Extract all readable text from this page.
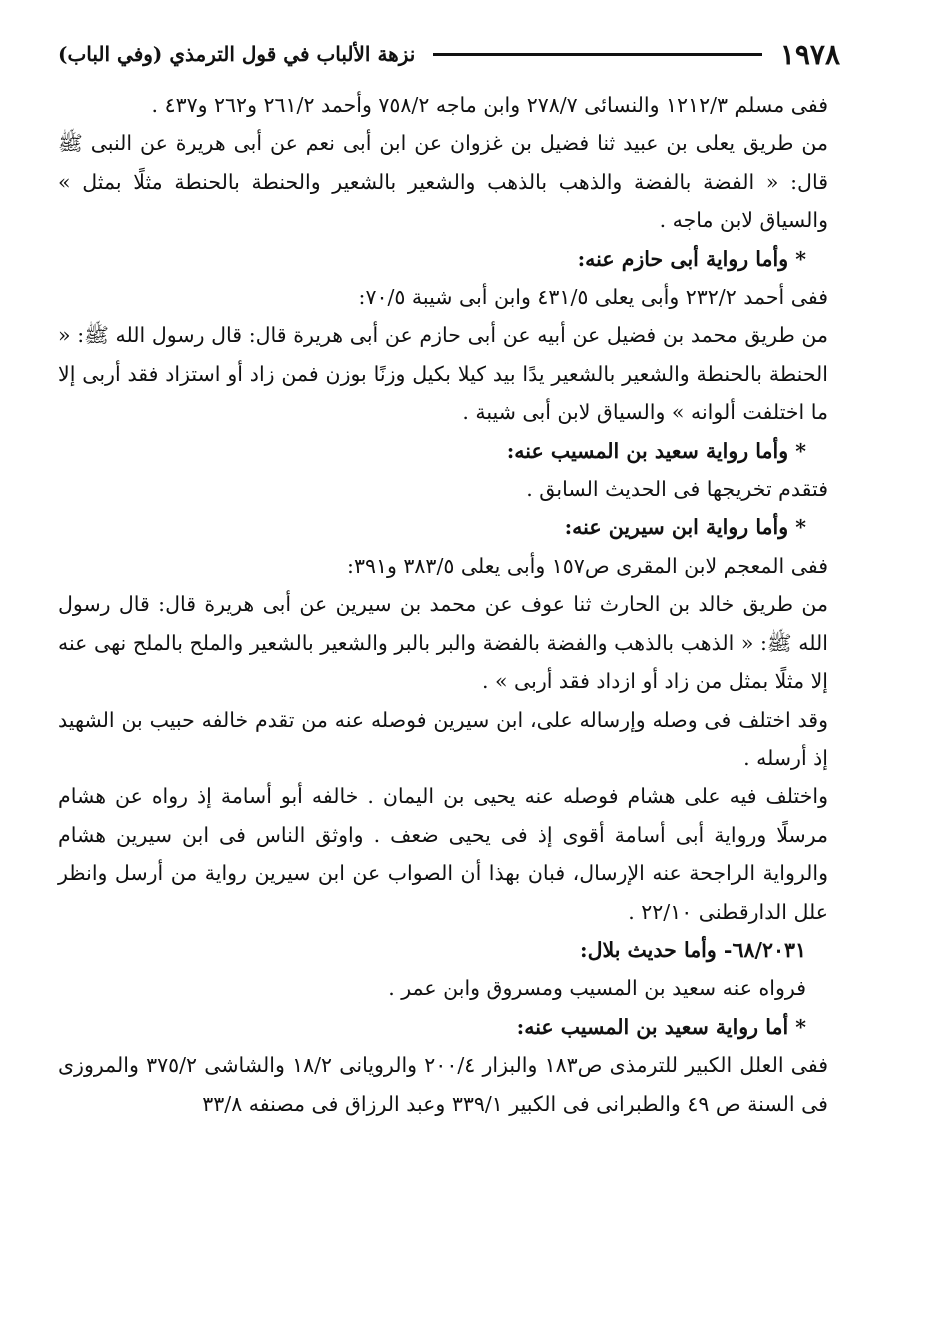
١٩٧٨
نزهة الألباب في قول الترمذي (وفي الباب)

ففى مسلم ١٢١٢/٣ والنسائى ٢٧٨/٧ وابن ماجه ٧٥٨/٢ وأحمد ٢٦١/٢ و٢٦٢ و٤٣٧ .

من طريق يعلى بن عبيد ثنا فضيل بن غزوان عن ابن أبى نعم عن أبى هريرة عن النبى ﷺ قال: « الفضة بالفضة والذهب بالذهب والشعير بالشعير والحنطة بالحنطة مثلًا بمثل » والسياق لابن ماجه .

* وأما رواية أبى حازم عنه:

ففى أحمد ٢٣٢/٢ وأبى يعلى ٤٣١/٥ وابن أبى شيبة ٧٠/٥:

من طريق محمد بن فضيل عن أبيه عن أبى حازم عن أبى هريرة قال: قال رسول الله ﷺ: « الحنطة بالحنطة والشعير بالشعير يدًا بيد كيلا بكيل وزنًا بوزن فمن زاد أو استزاد فقد أربى إلا ما اختلفت ألوانه » والسياق لابن أبى شيبة .

* وأما رواية سعيد بن المسيب عنه:

فتقدم تخريجها فى الحديث السابق .

* وأما رواية ابن سيرين عنه:

ففى المعجم لابن المقرى ص١٥٧ وأبى يعلى ٣٨٣/٥ و٣٩١:

من طريق خالد بن الحارث ثنا عوف عن محمد بن سيرين عن أبى هريرة قال: قال رسول الله ﷺ: « الذهب بالذهب والفضة بالفضة والبر بالبر والشعير بالشعير والملح بالملح نهى عنه إلا مثلًا بمثل من زاد أو ازداد فقد أربى » .

وقد اختلف فى وصله وإرساله على، ابن سيرين فوصله عنه من تقدم خالفه حبيب بن الشهيد إذ أرسله .

واختلف فيه على هشام فوصله عنه يحيى بن اليمان . خالفه أبو أسامة إذ رواه عن هشام مرسلًا ورواية أبى أسامة أقوى إذ فى يحيى ضعف . واوثق الناس فى ابن سيرين هشام والرواية الراجحة عنه الإرسال، فبان بهذا أن الصواب عن ابن سيرين رواية من أرسل وانظر علل الدارقطنى ٢٢/١٠ .

٦٨/٢٠٣١- وأما حديث بلال:

فرواه عنه سعيد بن المسيب ومسروق وابن عمر .

* أما رواية سعيد بن المسيب عنه:

ففى العلل الكبير للترمذى ص١٨٣ والبزار ٢٠٠/٤ والرويانى ١٨/٢ والشاشى ٣٧٥/٢ والمروزى فى السنة ص ٤٩ والطبرانى فى الكبير ٣٣٩/١ وعبد الرزاق فى مصنفه ٣٣/٨
